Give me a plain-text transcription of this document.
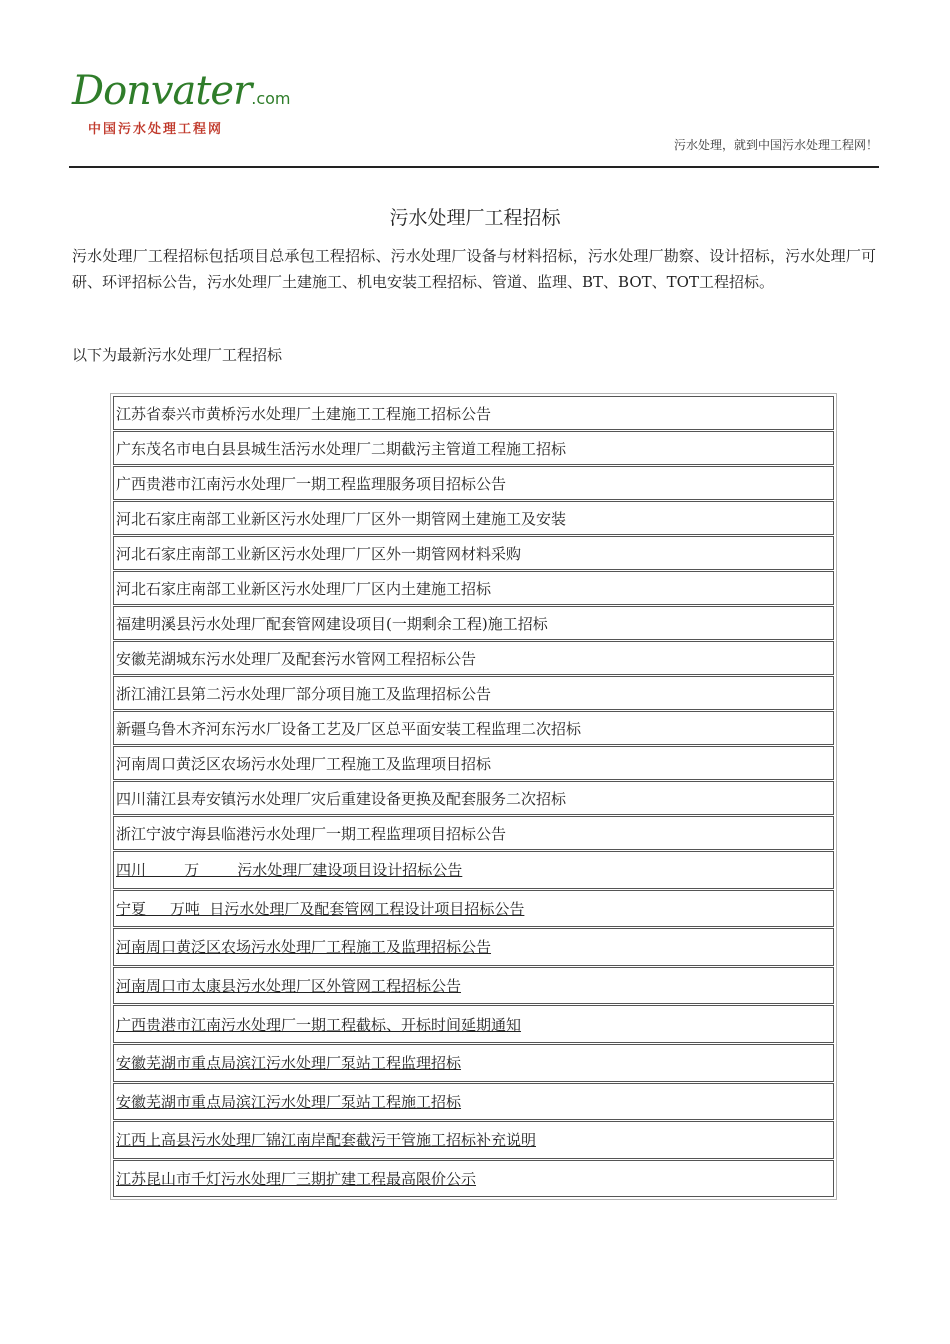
Donvater.com
中国污水处理工程网
污水处理，就到中国污水处理工程网！
污水处理厂工程招标
污水处理厂工程招标包括项目总承包工程招标、污水处理厂设备与材料招标，污水处理厂勘察、设计招标，污水处理厂可研、环评招标公告，污水处理厂土建施工、机电安装工程招标、管道、监理、BT、BOT、TOT工程招标。
以下为最新污水处理厂工程招标
江苏省泰兴市黄桥污水处理厂土建施工工程施工招标公告
广东茂名市电白县县城生活污水处理厂二期截污主管道工程施工招标
广西贵港市江南污水处理厂一期工程监理服务项目招标公告
河北石家庄南部工业新区污水处理厂厂区外一期管网土建施工及安装
河北石家庄南部工业新区污水处理厂厂区外一期管网材料采购
河北石家庄南部工业新区污水处理厂厂区内土建施工招标
福建明溪县污水处理厂配套管网建设项目(一期剩余工程)施工招标
安徽芜湖城东污水处理厂及配套污水管网工程招标公告
浙江浦江县第二污水处理厂部分项目施工及监理招标公告
新疆乌鲁木齐河东污水厂设备工艺及厂区总平面安装工程监理二次招标
河南周口黄泛区农场污水处理厂工程施工及监理项目招标
四川蒲江县寿安镇污水处理厂灾后重建设备更换及配套服务二次招标
浙江宁波宁海县临港污水处理厂一期工程监理项目招标公告
四川        万        污水处理厂建设项目设计招标公告
宁夏     万吨  日污水处理厂及配套管网工程设计项目招标公告
河南周口黄泛区农场污水处理厂工程施工及监理招标公告
河南周口市太康县污水处理厂区外管网工程招标公告
广西贵港市江南污水处理厂一期工程截标、开标时间延期通知
安徽芜湖市重点局滨江污水处理厂泵站工程监理招标
安徽芜湖市重点局滨江污水处理厂泵站工程施工招标
江西上高县污水处理厂锦江南岸配套截污干管施工招标补充说明
江苏昆山市千灯污水处理厂三期扩建工程最高限价公示
